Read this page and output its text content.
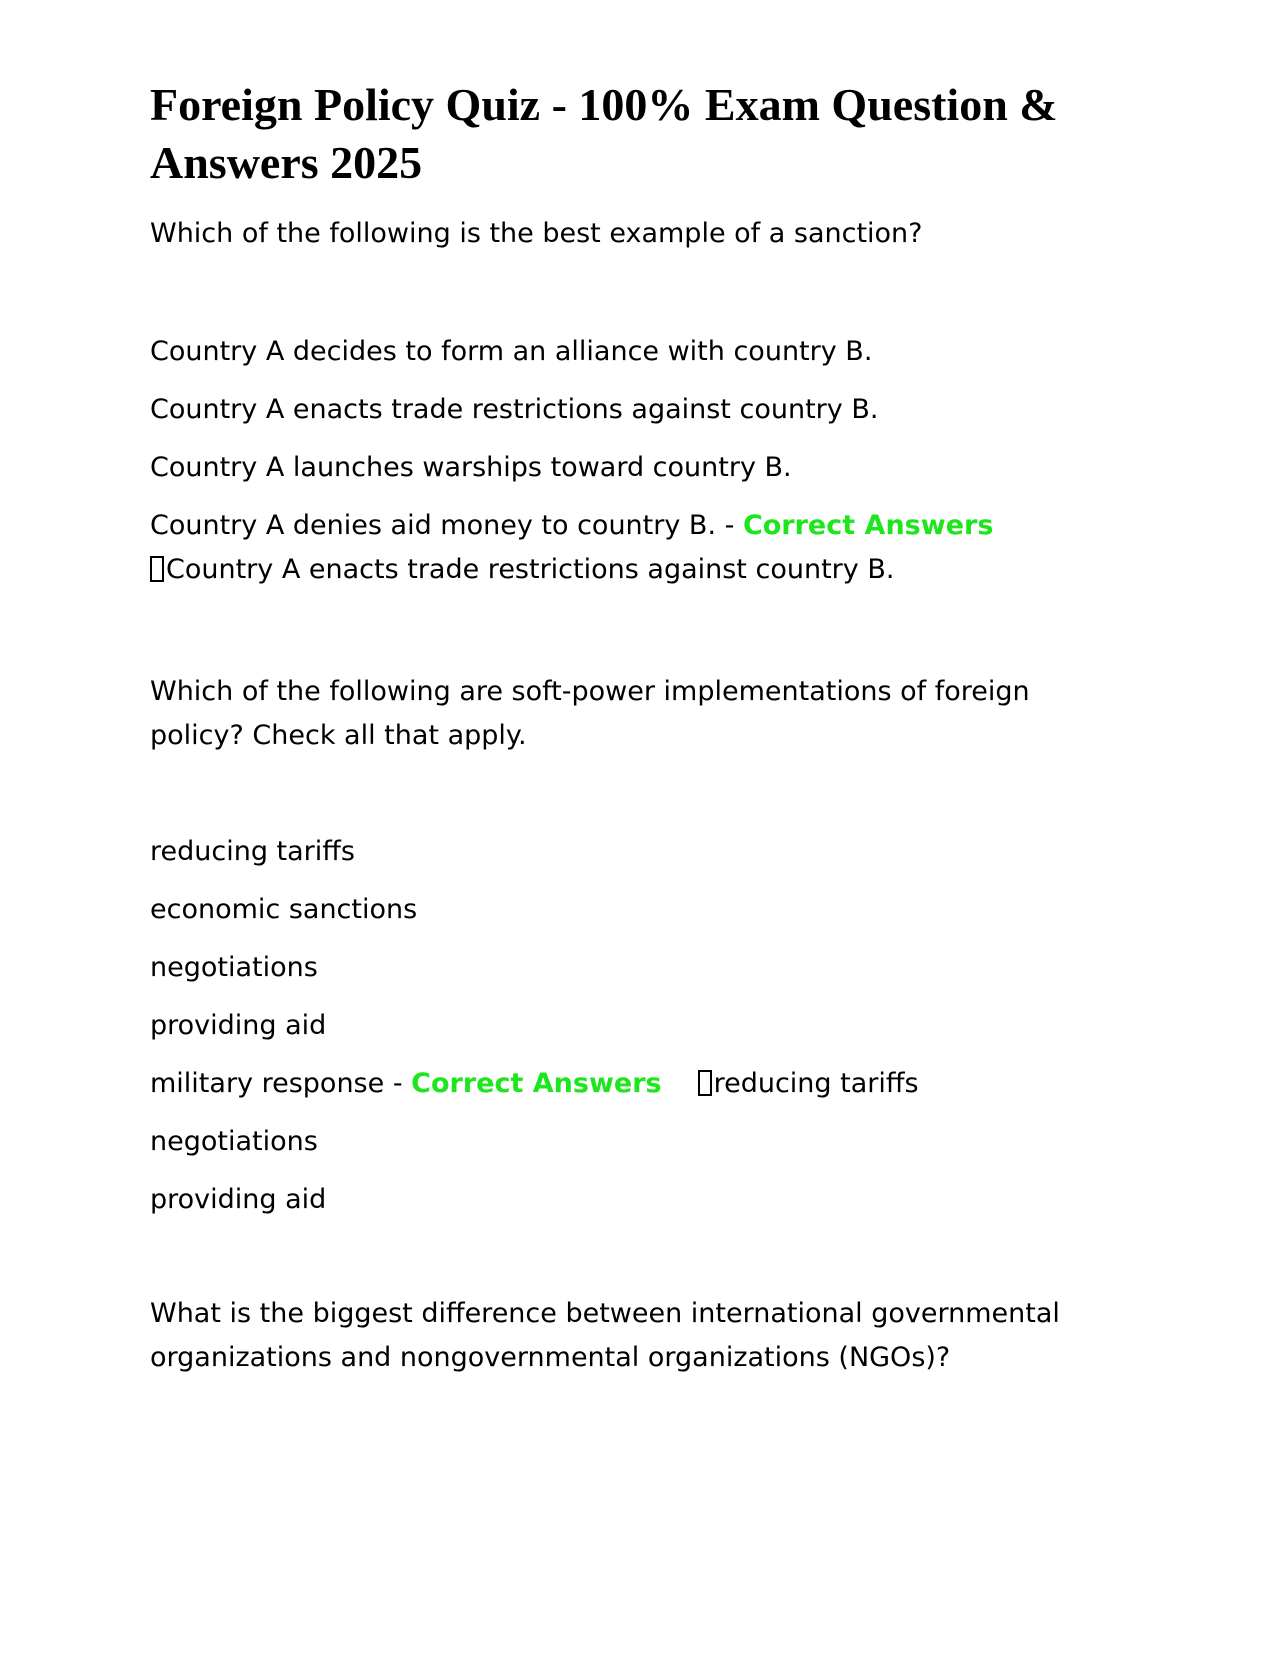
Foreign Policy Quiz - 100% Exam Question & Answers 2025

Which of the following is the best example of a sanction?

Country A decides to form an alliance with country B.

Country A enacts trade restrictions against country B.

Country A launches warships toward country B.

Country A denies aid money to country B. - Correct Answers
Country A enacts trade restrictions against country B.

Which of the following are soft-power implementations of foreign policy? Check all that apply.

reducing tariffs

economic sanctions

negotiations

providing aid

military response - Correct Answers reducing tariffs

negotiations

providing aid

What is the biggest difference between international governmental organizations and nongovernmental organizations (NGOs)?
